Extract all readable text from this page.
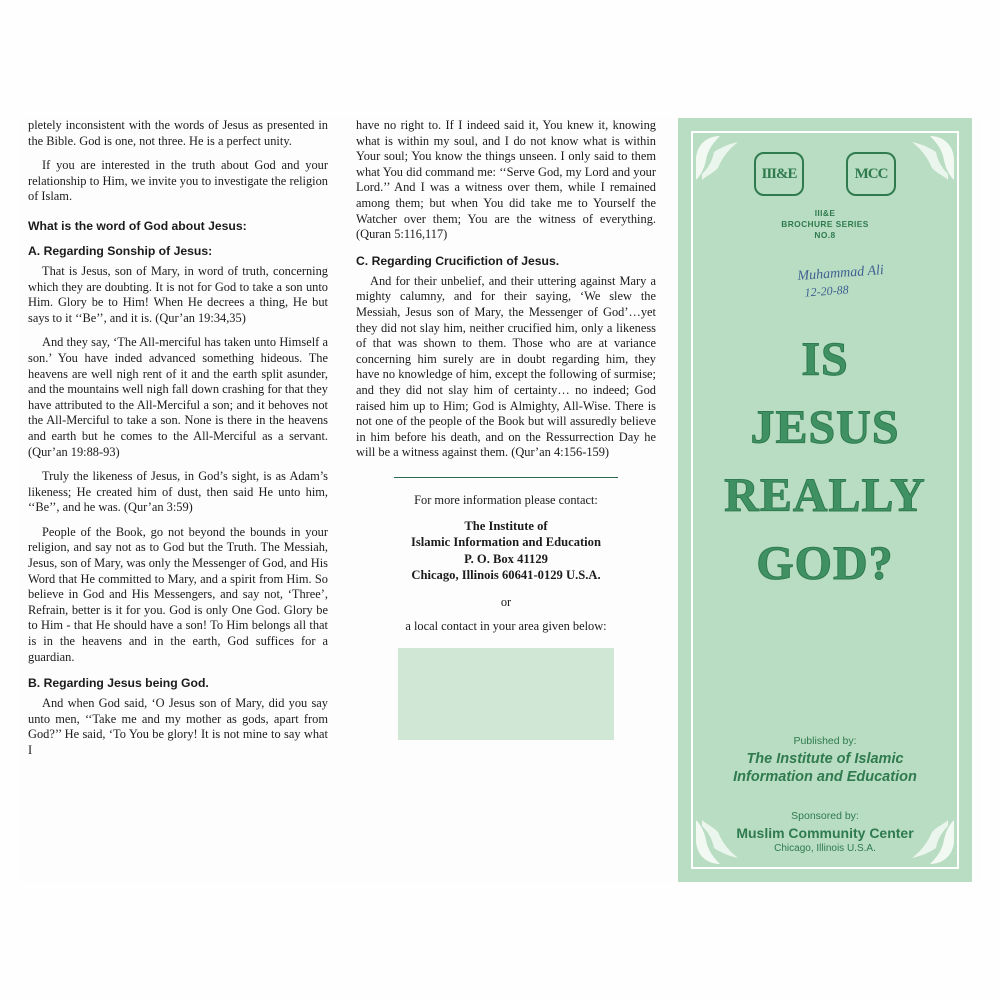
pletely inconsistent with the words of Jesus as presented in the Bible. God is one, not three. He is a perfect unity.

If you are interested in the truth about God and your relationship to Him, we invite you to investigate the religion of Islam.

What is the word of God about Jesus:
A. Regarding Sonship of Jesus:

That is Jesus, son of Mary, in word of truth, concerning which they are doubting. It is not for God to take a son unto Him. Glory be to Him! When He decrees a thing, He but says to it ‘‘Be’’, and it is. (Qur’an 19:34,35)

And they say, ‘The All-merciful has taken unto Himself a son.’ You have inded advanced something hideous. The heavens are well nigh rent of it and the earth split asunder, and the mountains well nigh fall down crashing for that they have attributed to the All-Merciful a son; and it behoves not the All-Merciful to take a son. None is there in the heavens and earth but he comes to the All-Merciful as a servant. (Qur’an 19:88-93)

Truly the likeness of Jesus, in God’s sight, is as Adam’s likeness; He created him of dust, then said He unto him, ‘‘Be’’, and he was. (Qur’an 3:59)

People of the Book, go not beyond the bounds in your religion, and say not as to God but the Truth. The Messiah, Jesus, son of Mary, was only the Messenger of God, and His Word that He committed to Mary, and a spirit from Him. So believe in God and His Messengers, and say not, ‘Three’, Refrain, better is it for you. God is only One God. Glory be to Him - that He should have a son! To Him belongs all that is in the heavens and in the earth, God suffices for a guardian.

B. Regarding Jesus being God.

And when God said, ‘O Jesus son of Mary, did you say unto men, ‘‘Take me and my mother as gods, apart from God?’’ He said, ‘To You be glory! It is not mine to say what I

have no right to. If I indeed said it, You knew it, knowing what is within my soul, and I do not know what is within Your soul; You know the things unseen. I only said to them what You did command me: ‘‘Serve God, my Lord and your Lord.’’ And I was a witness over them, while I remained among them; but when You did take me to Yourself the Watcher over them; You are the witness of everything. (Quran 5:116,117)

C. Regarding Crucifiction of Jesus.

And for their unbelief, and their uttering against Mary a mighty calumny, and for their saying, ‘We slew the Messiah, Jesus son of Mary, the Messenger of God’…yet they did not slay him, neither crucified him, only a likeness of that was shown to them. Those who are at variance concerning him surely are in doubt regarding him, they have no knowledge of him, except the following of surmise; and they did not slay him of certainty… no indeed; God raised him up to Him; God is Almighty, All-Wise. There is not one of the people of the Book but will assuredly believe in him before his death, and on the Ressurrection Day he will be a witness against them. (Qur’an 4:156-159)

For more information please contact:
The Institute of
Islamic Information and Education
P. O. Box 41129
Chicago, Illinois 60641-0129 U.S.A.
or
a local contact in your area given below:
III&E	MCC
III&E
BROCHURE SERIES
NO.8
Muhammad Ali
12-20-88
IS
JESUS
REALLY
GOD?
Published by:
The Institute of Islamic
Information and Education
Sponsored by:
Muslim Community Center
Chicago, Illinois U.S.A.
